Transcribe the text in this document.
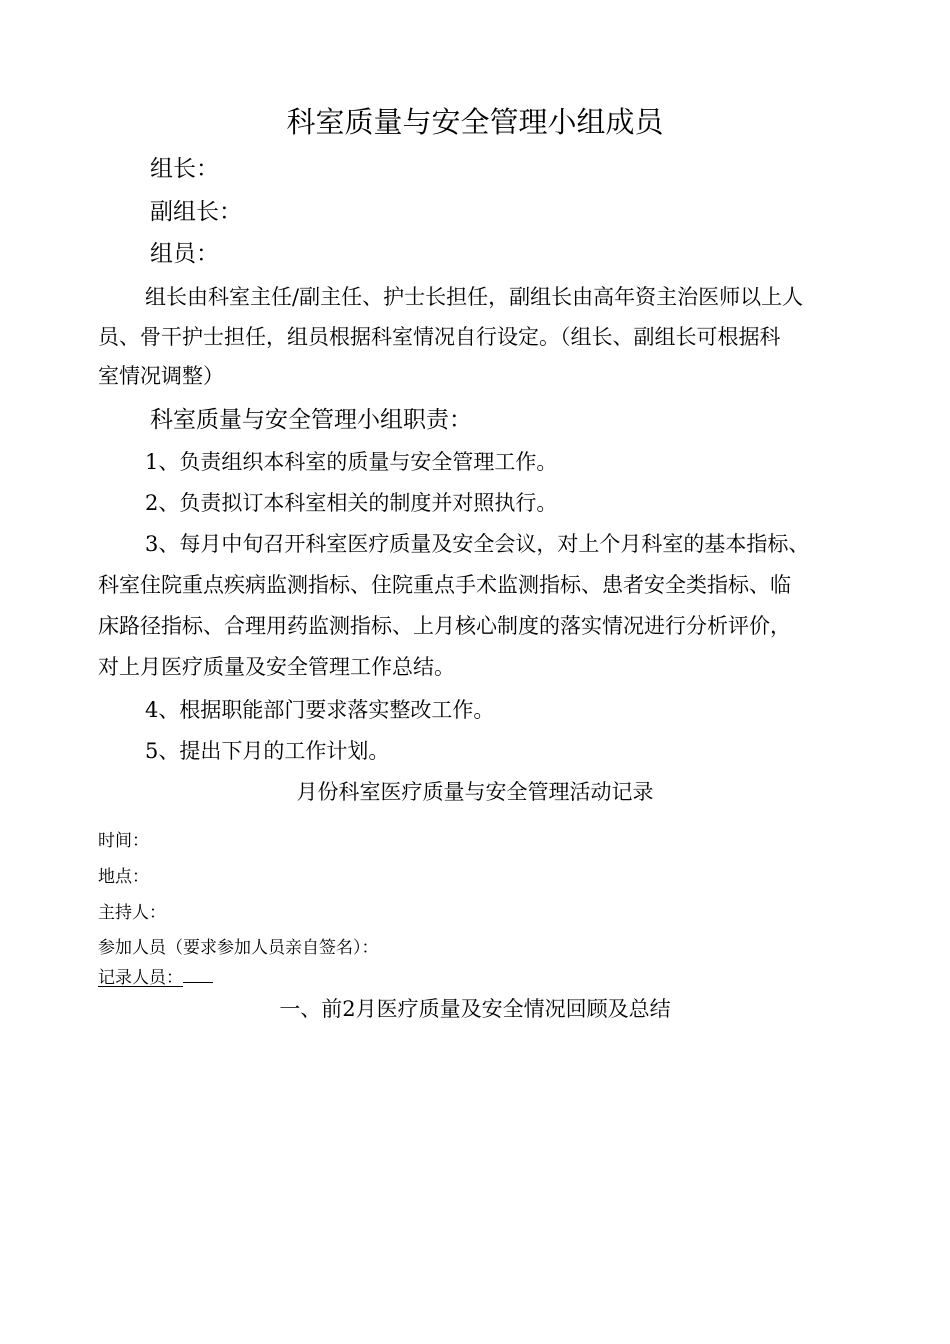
科室质量与安全管理小组成员

组长：

副组长：

组员：

组长由科室主任/副主任、护士长担任，副组长由高年资主治医师以上人

员、骨干护士担任，组员根据科室情况自行设定。（组长、副组长可根据科

室情况调整）

科室质量与安全管理小组职责：

1、负责组织本科室的质量与安全管理工作。

2、负责拟订本科室相关的制度并对照执行。

3、每月中旬召开科室医疗质量及安全会议，对上个月科室的基本指标、

科室住院重点疾病监测指标、住院重点手术监测指标、患者安全类指标、临

床路径指标、合理用药监测指标、上月核心制度的落实情况进行分析评价，

对上月医疗质量及安全管理工作总结。

4、根据职能部门要求落实整改工作。

5、提出下月的工作计划。

月份科室医疗质量与安全管理活动记录

时间：

地点：

主持人：

参加人员（要求参加人员亲自签名）：

记录人员：

一、前2月医疗质量及安全情况回顾及总结
